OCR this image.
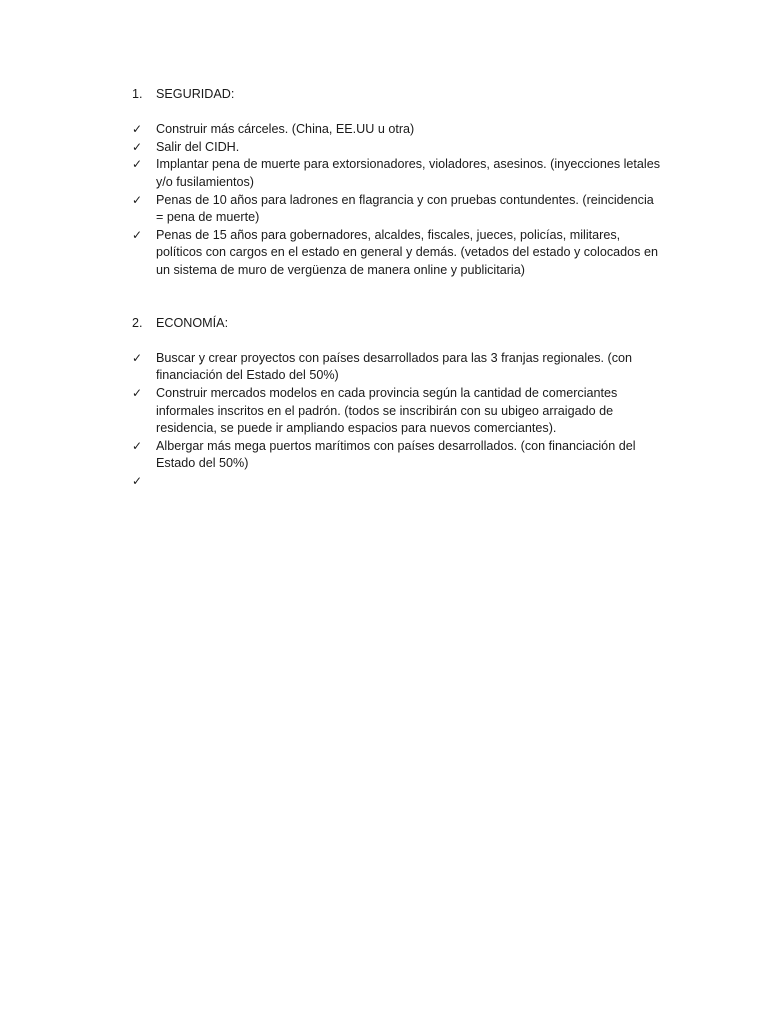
1. SEGURIDAD:

✓ Construir más cárceles. (China, EE.UU u otra)
✓ Salir del CIDH.
✓ Implantar pena de muerte para extorsionadores, violadores, asesinos. (inyecciones letales y/o fusilamientos)
✓ Penas de 10 años para ladrones en flagrancia y con pruebas contundentes. (reincidencia = pena de muerte)
✓ Penas de 15 años para gobernadores, alcaldes, fiscales, jueces, policías, militares, políticos con cargos en el estado en general y demás. (vetados del estado y colocados en un sistema de muro de vergüenza de manera online y publicitaria)

2. ECONOMÍA:

✓ Buscar y crear proyectos con países desarrollados para las 3 franjas regionales. (con financiación del Estado del 50%)
✓ Construir mercados modelos en cada provincia según la cantidad de comerciantes informales inscritos en el padrón. (todos se inscribirán con su ubigeo arraigado de residencia, se puede ir ampliando espacios para nuevos comerciantes).
✓ Albergar más mega puertos marítimos con países desarrollados. (con financiación del Estado del 50%)
✓
